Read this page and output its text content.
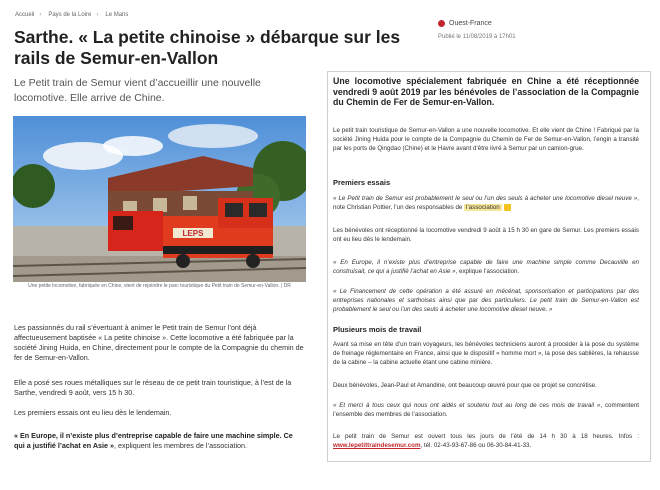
Accueil › Pays de la Loire › Le Mans
Ouest-France
Publié le 11/08/2019 à 17h01
Sarthe. « La petite chinoise » débarque sur les rails de Semur-en-Vallon

Le Petit train de Semur vient d’accueillir une nouvelle locomotive. Elle arrive de Chine.

LEPS
Une petite locomotive, fabriquée en Chine, vient de rejoindre le parc touristique du Petit train de Semur-en-Vallon. | DR

Les passionnés du rail s’évertuant à animer le Petit train de Semur l’ont déjà affectueusement baptisée « La petite chinoise ». Cette locomotive a été fabriquée par la société Jining Huida, en Chine, directement pour le compte de la Compagnie du chemin de fer de Semur-en-Vallon.

Elle a posé ses roues métalliques sur le réseau de ce petit train touristique, à l’est de la Sarthe, vendredi 9 août, vers 15 h 30.

Les premiers essais ont eu lieu dès le lendemain.

« En Europe, il n’existe plus d’entreprise capable de faire une machine simple. Ce qui a justifié l’achat en Asie », expliquent les membres de l’association.

Une locomotive spécialement fabriquée en Chine a été réceptionnée vendredi 9 août 2019 par les bénévoles de l’association de la Compagnie du Chemin de Fer de Semur-en-Vallon.

Le petit train touristique de Semur-en-Vallon a une nouvelle locomotive. Et elle vient de Chine ! Fabriqué par la société Jining Huida pour le compte de la Compagnie du Chemin de Fer de Semur-en-Vallon, l’engin a transité par les ports de Qingdao (Chine) et le Havre avant d’être livré à Semur par un camion-grue.

Premiers essais

« Le Petit train de Semur est probablement le seul ou l’un des seuls à acheter une locomotive diesel neuve », note Christian Pottier, l’un des responsables de l’association

Les bénévoles ont réceptionné la locomotive vendredi 9 août à 15 h 30 en gare de Semur. Les premiers essais ont eu lieu dès le lendemain.

« En Europe, il n’existe plus d’entreprise capable de faire une machine simple comme Decauville en construisait, ce qui a justifié l’achat en Asie », explique l’association.

« Le Financement de cette opération a été assuré en mécénat, sponsorisation et participations par des entreprises nationales et sarthoises ainsi que par des particuliers. Le petit train de Semur-en-Vallon est probablement le seul ou l’un des seuls à acheter une locomotive diesel neuve. »

Plusieurs mois de travail

Avant sa mise en tête d’un train voyageurs, les bénévoles techniciens auront à procéder à la pose du système de freinage réglementaire en France, ainsi que le dispositif « homme mort », la pose des sablières, la rehausse de la cabine – la cabine actuelle étant une cabine minière.

Deux bénévoles, Jean-Paul et Amandine, ont beaucoup œuvré pour que ce projet se concrétise.

« Et merci à tous ceux qui nous ont aidés et soutenu tout au long de ces mois de travail », commentent l’ensemble des membres de l’association.

Le petit train de Semur est ouvert tous les jours de l’été de 14 h 30 à 18 heures. Infos : www.lepetittraindesemur.com, tél. 02-43-93-67-86 ou 06-30-84-41-33.
